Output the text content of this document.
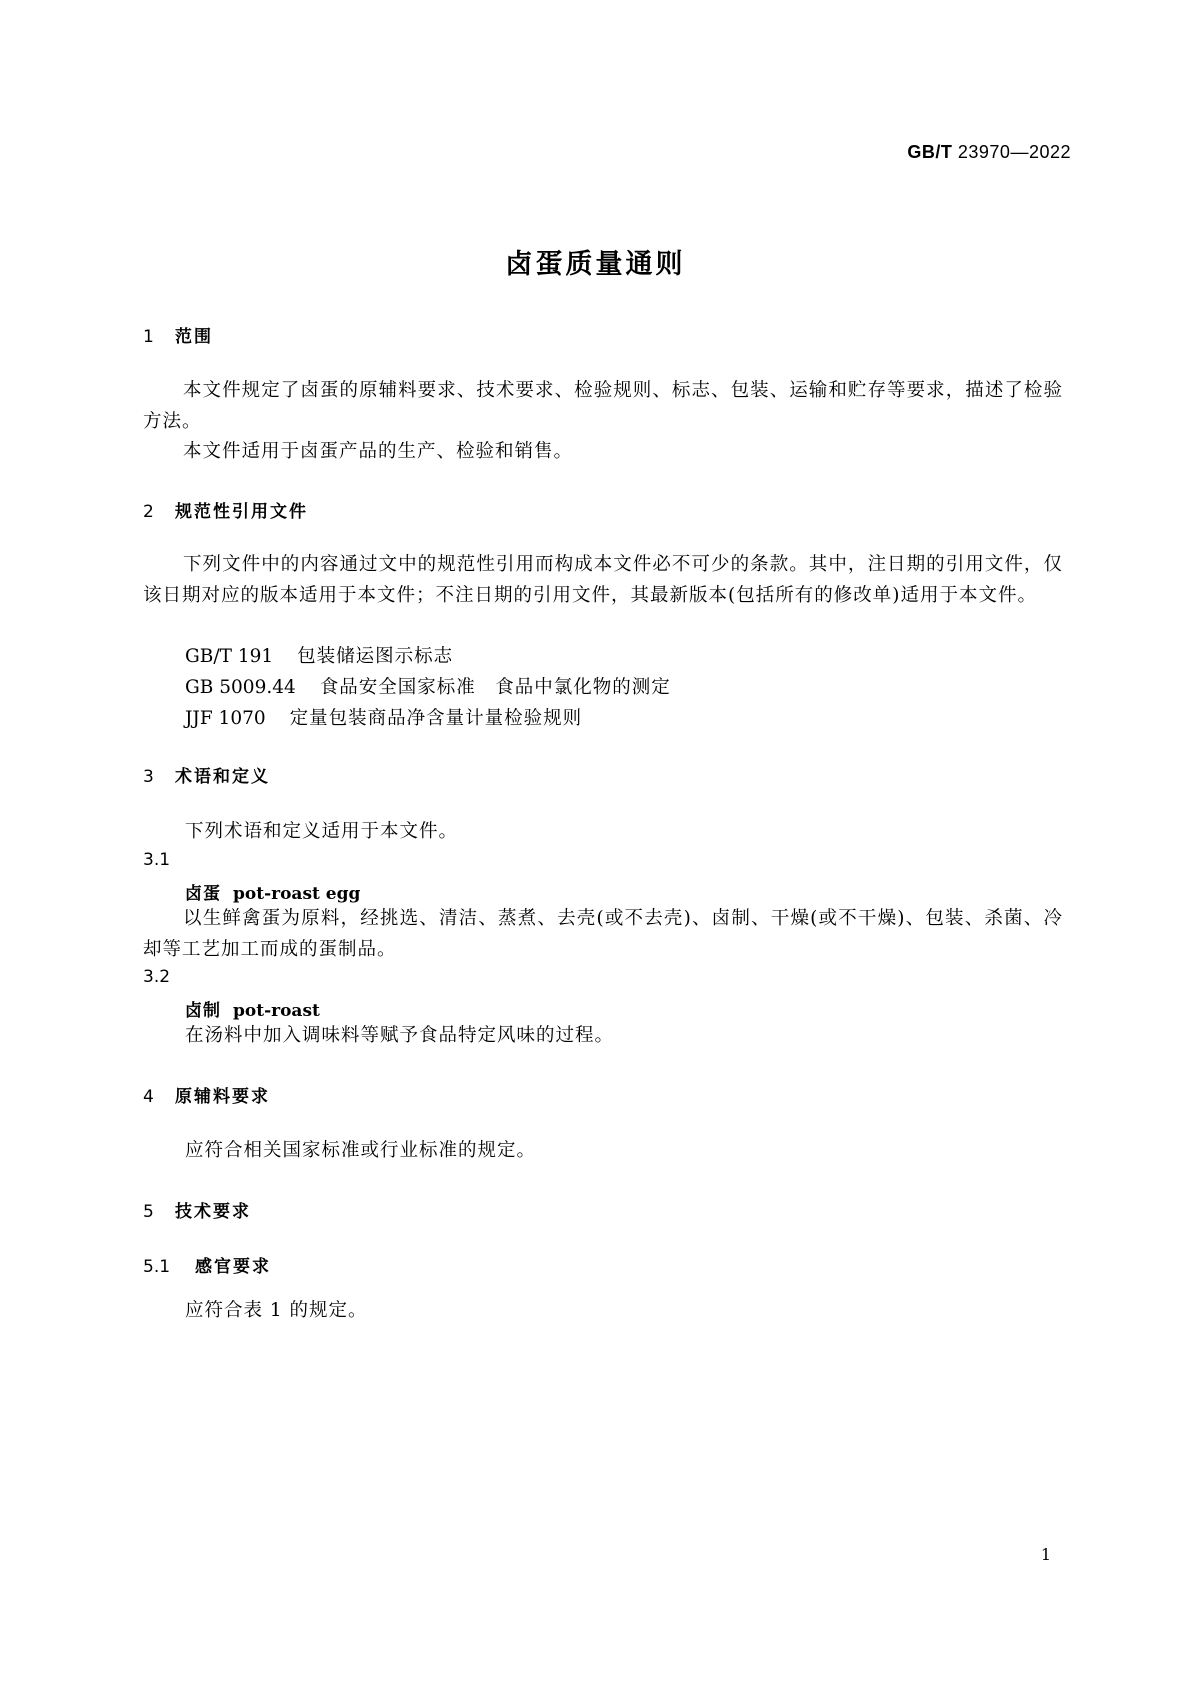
GB/T 23970—2022
卤蛋质量通则
1 范围
本文件规定了卤蛋的原辅料要求、技术要求、检验规则、标志、包装、运输和贮存等要求，描述了检验方法。
本文件适用于卤蛋产品的生产、检验和销售。
2 规范性引用文件
下列文件中的内容通过文中的规范性引用而构成本文件必不可少的条款。其中，注日期的引用文件，仅该日期对应的版本适用于本文件；不注日期的引用文件，其最新版本(包括所有的修改单)适用于本文件。
GB/T 191 包装储运图示标志
GB 5009.44 食品安全国家标准　食品中氯化物的测定
JJF 1070 定量包装商品净含量计量检验规则
3 术语和定义
下列术语和定义适用于本文件。
3.1
卤蛋 pot-roast egg
以生鲜禽蛋为原料，经挑选、清洁、蒸煮、去壳(或不去壳)、卤制、干燥(或不干燥)、包装、杀菌、冷却等工艺加工而成的蛋制品。
3.2
卤制 pot-roast
在汤料中加入调味料等赋予食品特定风味的过程。
4 原辅料要求
应符合相关国家标准或行业标准的规定。
5 技术要求
5.1 感官要求
应符合表 1 的规定。
1
